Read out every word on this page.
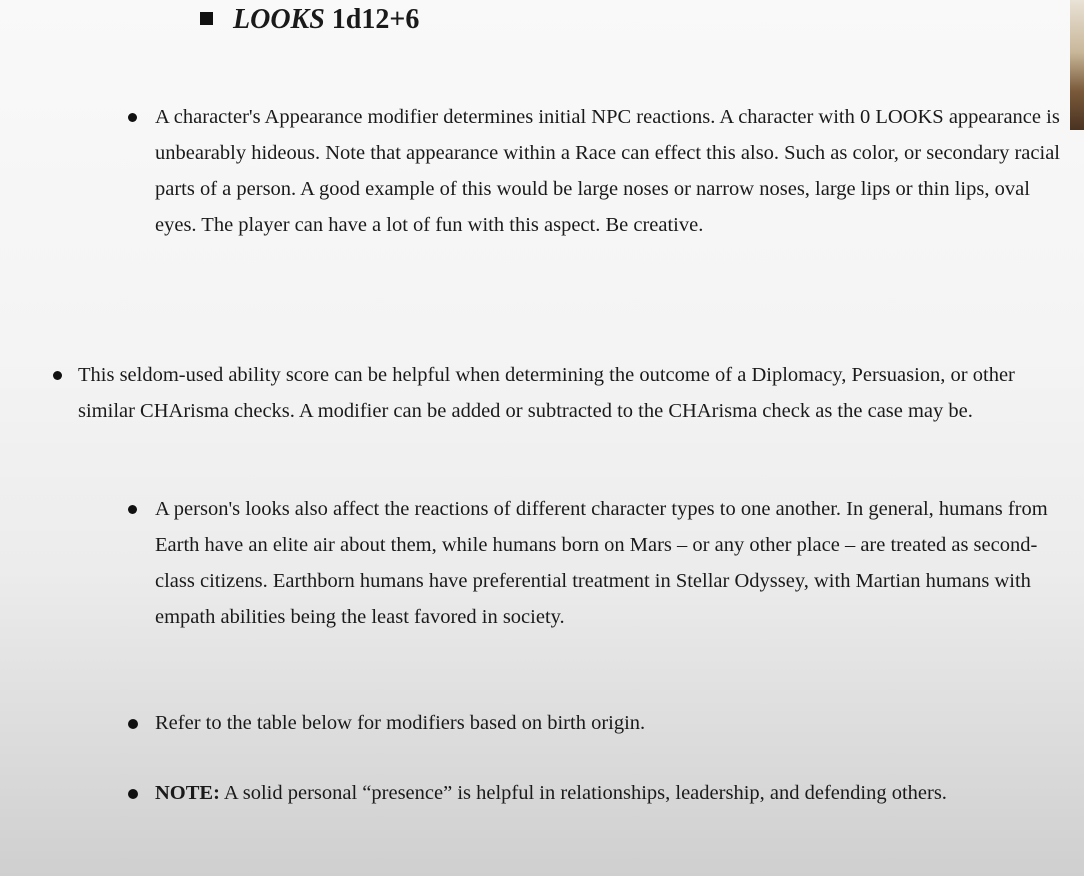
LOOKS 1d12+6
A character's Appearance modifier determines initial NPC reactions. A character with 0 LOOKS appearance is unbearably hideous. Note that appearance within a Race can effect this also. Such as color, or secondary racial parts of a person. A good example of this would be large noses or narrow noses, large lips or thin lips, oval eyes. The player can have a lot of fun with this aspect. Be creative.
This seldom-used ability score can be helpful when determining the outcome of a Diplomacy, Persuasion, or other similar CHArisma checks. A modifier can be added or subtracted to the CHArisma check as the case may be.
A person's looks also affect the reactions of different character types to one another. In general, humans from Earth have an elite air about them, while humans born on Mars – or any other place – are treated as second-class citizens. Earthborn humans have preferential treatment in Stellar Odyssey, with Martian humans with empath abilities being the least favored in society.
Refer to the table below for modifiers based on birth origin.
NOTE: A solid personal “presence” is helpful in relationships, leadership, and defending others.
